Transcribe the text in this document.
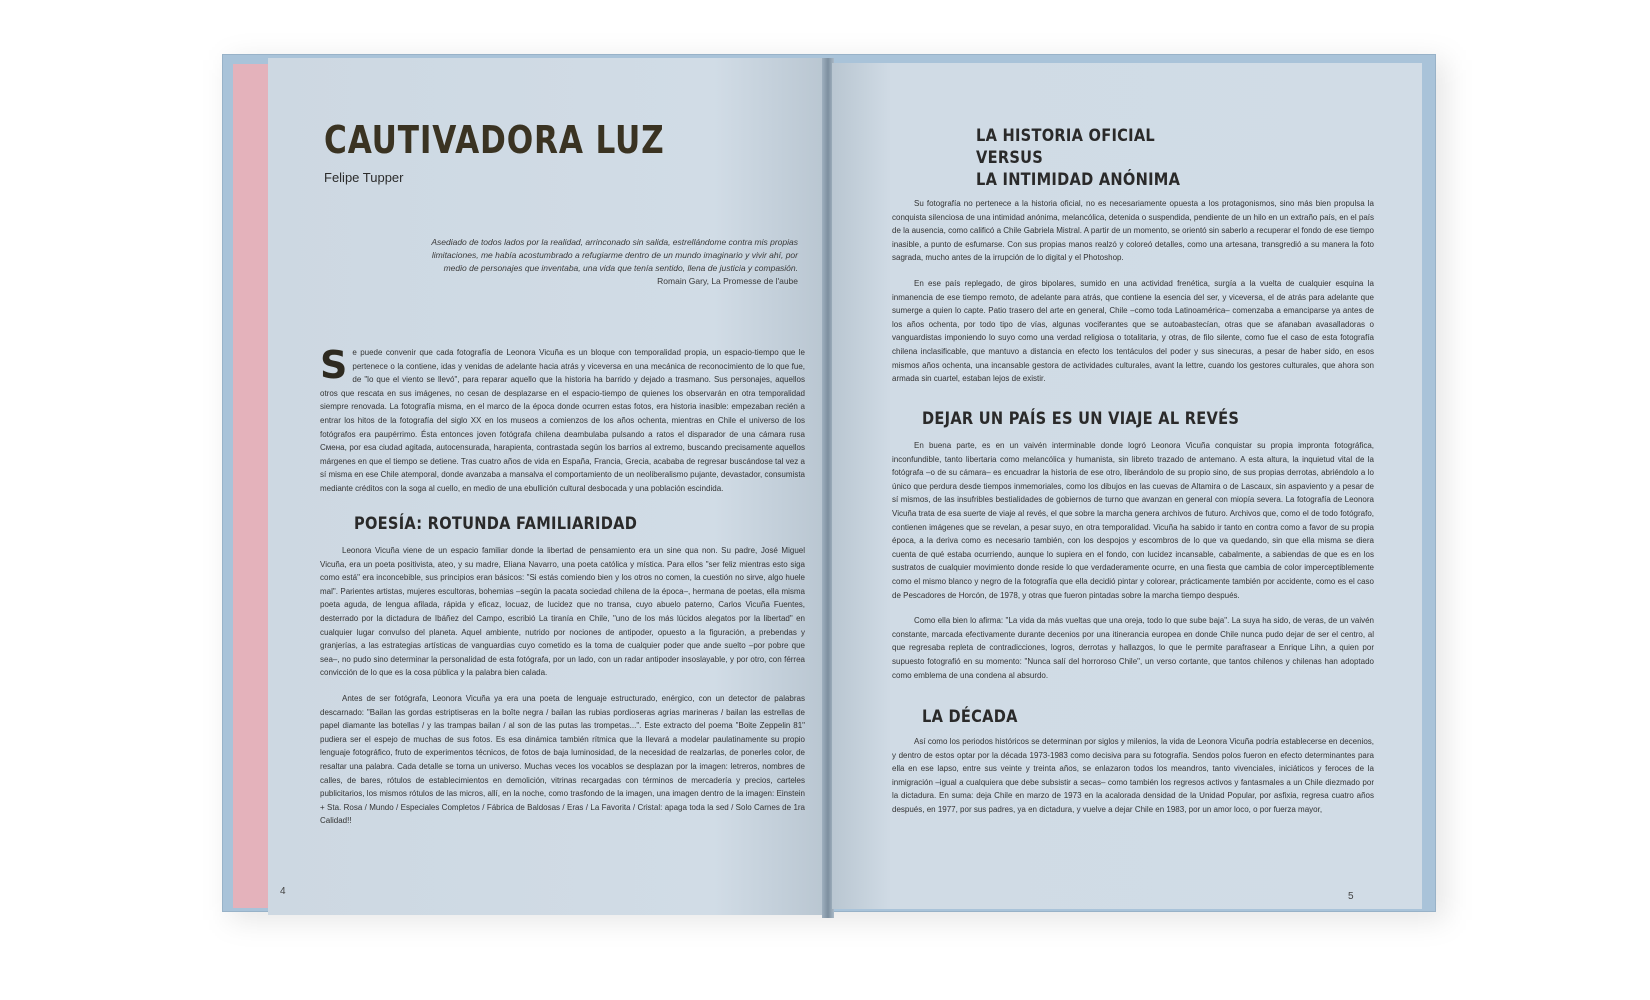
CAUTIVADORA LUZ
Felipe Tupper
Asediado de todos lados por la realidad, arrinconado sin salida, estrellándome contra mis propias limitaciones, me había acostumbrado a refugiarme dentro de un mundo imaginario y vivir ahí, por medio de personajes que inventaba, una vida que tenía sentido, llena de justicia y compasión.
Romain Gary, La Promesse de l'aube
S e puede convenir que cada fotografía de Leonora Vicuña es un bloque con temporalidad propia, un espacio-tiempo que le pertenece o la contiene, idas y venidas de adelante hacia atrás y viceversa en una mecánica de reconocimiento de lo que fue, de "lo que el viento se llevó", para reparar aquello que la historia ha barrido y dejado a trasmano. Sus personajes, aquellos otros que rescata en sus imágenes, no cesan de desplazarse en el espacio-tiempo de quienes los observarán en otra temporalidad siempre renovada. La fotografía misma, en el marco de la época donde ocurren estas fotos, era historia inasible: empezaban recién a entrar los hitos de la fotografía del siglo XX en los museos a comienzos de los años ochenta, mientras en Chile el universo de los fotógrafos era paupérrimo. Ésta entonces joven fotógrafa chilena deambulaba pulsando a ratos el disparador de una cámara rusa Смена, por esa ciudad agitada, autocensurada, harapienta, contrastada según los barrios al extremo, buscando precisamente aquellos márgenes en que el tiempo se detiene. Tras cuatro años de vida en España, Francia, Grecia, acababa de regresar buscándose tal vez a sí misma en ese Chile atemporal, donde avanzaba a mansalva el comportamiento de un neoliberalismo pujante, devastador, consumista mediante créditos con la soga al cuello, en medio de una ebullición cultural desbocada y una población escindida.
POESÍA: ROTUNDA FAMILIARIDAD

Leonora Vicuña viene de un espacio familiar donde la libertad de pensamiento era un sine qua non. Su padre, José Miguel Vicuña, era un poeta positivista, ateo, y su madre, Eliana Navarro, una poeta católica y mística. Para ellos "ser feliz mientras esto siga como está" era inconcebible, sus principios eran básicos: "Si estás comiendo bien y los otros no comen, la cuestión no sirve, algo huele mal". Parientes artistas, mujeres escultoras, bohemias –según la pacata sociedad chilena de la época–, hermana de poetas, ella misma poeta aguda, de lengua afilada, rápida y eficaz, locuaz, de lucidez que no transa, cuyo abuelo paterno, Carlos Vicuña Fuentes, desterrado por la dictadura de Ibáñez del Campo, escribió La tiranía en Chile, "uno de los más lúcidos alegatos por la libertad" en cualquier lugar convulso del planeta. Aquel ambiente, nutrido por nociones de antipoder, opuesto a la figuración, a prebendas y granjerías, a las estrategias artísticas de vanguardias cuyo cometido es la toma de cualquier poder que ande suelto –por pobre que sea–, no pudo sino determinar la personalidad de esta fotógrafa, por un lado, con un radar antipoder insoslayable, y por otro, con férrea convicción de lo que es la cosa pública y la palabra bien calada.

Antes de ser fotógrafa, Leonora Vicuña ya era una poeta de lenguaje estructurado, enérgico, con un detector de palabras descarnado: "Bailan las gordas estriptiseras en la boîte negra / bailan las rubias pordioseras agrias marineras / bailan las estrellas de papel diamante las botellas / y las trampas bailan / al son de las putas las trompetas...". Este extracto del poema "Boite Zeppelin 81" pudiera ser el espejo de muchas de sus fotos. Es esa dinámica también rítmica que la llevará a modelar paulatinamente su propio lenguaje fotográfico, fruto de experimentos técnicos, de fotos de baja luminosidad, de la necesidad de realzarlas, de ponerles color, de resaltar una palabra. Cada detalle se torna un universo. Muchas veces los vocablos se desplazan por la imagen: letreros, nombres de calles, de bares, rótulos de establecimientos en demolición, vitrinas recargadas con términos de mercadería y precios, carteles publicitarios, los mismos rótulos de las micros, allí, en la noche, como trasfondo de la imagen, una imagen dentro de la imagen: Einstein + Sta. Rosa / Mundo / Especiales Completos / Fábrica de Baldosas / Eras / La Favorita / Cristal: apaga toda la sed / Solo Carnes de 1ra Calidad!!

4
LA HISTORIA OFICIAL
VERSUS
LA INTIMIDAD ANÓNIMA

Su fotografía no pertenece a la historia oficial, no es necesariamente opuesta a los protagonismos, sino más bien propulsa la conquista silenciosa de una intimidad anónima, melancólica, detenida o suspendida, pendiente de un hilo en un extraño país, en el país de la ausencia, como calificó a Chile Gabriela Mistral. A partir de un momento, se orientó sin saberlo a recuperar el fondo de ese tiempo inasible, a punto de esfumarse. Con sus propias manos realzó y coloreó detalles, como una artesana, transgredió a su manera la foto sagrada, mucho antes de la irrupción de lo digital y el Photoshop.

En ese país replegado, de giros bipolares, sumido en una actividad frenética, surgía a la vuelta de cualquier esquina la inmanencia de ese tiempo remoto, de adelante para atrás, que contiene la esencia del ser, y viceversa, el de atrás para adelante que sumerge a quien lo capte. Patio trasero del arte en general, Chile –como toda Latinoamérica– comenzaba a emanciparse ya antes de los años ochenta, por todo tipo de vías, algunas vociferantes que se autoabastecían, otras que se afanaban avasalladoras o vanguardistas imponiendo lo suyo como una verdad religiosa o totalitaria, y otras, de filo silente, como fue el caso de esta fotografía chilena inclasificable, que mantuvo a distancia en efecto los tentáculos del poder y sus sinecuras, a pesar de haber sido, en esos mismos años ochenta, una incansable gestora de actividades culturales, avant la lettre, cuando los gestores culturales, que ahora son armada sin cuartel, estaban lejos de existir.

DEJAR UN PAÍS ES UN VIAJE AL REVÉS

En buena parte, es en un vaivén interminable donde logró Leonora Vicuña conquistar su propia impronta fotográfica, inconfundible, tanto libertaria como melancólica y humanista, sin libreto trazado de antemano. A esta altura, la inquietud vital de la fotógrafa –o de su cámara– es encuadrar la historia de ese otro, liberándolo de su propio sino, de sus propias derrotas, abriéndolo a lo único que perdura desde tiempos inmemoriales, como los dibujos en las cuevas de Altamira o de Lascaux, sin aspaviento y a pesar de sí mismos, de las insufribles bestialidades de gobiernos de turno que avanzan en general con miopía severa. La fotografía de Leonora Vicuña trata de esa suerte de viaje al revés, el que sobre la marcha genera archivos de futuro. Archivos que, como el de todo fotógrafo, contienen imágenes que se revelan, a pesar suyo, en otra temporalidad. Vicuña ha sabido ir tanto en contra como a favor de su propia época, a la deriva como es necesario también, con los despojos y escombros de lo que va quedando, sin que ella misma se diera cuenta de qué estaba ocurriendo, aunque lo supiera en el fondo, con lucidez incansable, cabalmente, a sabiendas de que es en los sustratos de cualquier movimiento donde reside lo que verdaderamente ocurre, en una fiesta que cambia de color imperceptiblemente como el mismo blanco y negro de la fotografía que ella decidió pintar y colorear, prácticamente también por accidente, como es el caso de Pescadores de Horcón, de 1978, y otras que fueron pintadas sobre la marcha tiempo después.

Como ella bien lo afirma: "La vida da más vueltas que una oreja, todo lo que sube baja". La suya ha sido, de veras, de un vaivén constante, marcada efectivamente durante decenios por una itinerancia europea en donde Chile nunca pudo dejar de ser el centro, al que regresaba repleta de contradicciones, logros, derrotas y hallazgos, lo que le permite parafrasear a Enrique Lihn, a quien por supuesto fotografió en su momento: "Nunca salí del horroroso Chile", un verso cortante, que tantos chilenos y chilenas han adoptado como emblema de una condena al absurdo.

LA DÉCADA

Así como los periodos históricos se determinan por siglos y milenios, la vida de Leonora Vicuña podría establecerse en decenios, y dentro de estos optar por la década 1973-1983 como decisiva para su fotografía. Sendos polos fueron en efecto determinantes para ella en ese lapso, entre sus veinte y treinta años, se enlazaron todos los meandros, tanto vivenciales, iniciáticos y feroces de la inmigración –igual a cualquiera que debe subsistir a secas– como también los regresos activos y fantasmales a un Chile diezmado por la dictadura. En suma: deja Chile en marzo de 1973 en la acalorada densidad de la Unidad Popular, por asfixia, regresa cuatro años después, en 1977, por sus padres, ya en dictadura, y vuelve a dejar Chile en 1983, por un amor loco, o por fuerza mayor,

5
